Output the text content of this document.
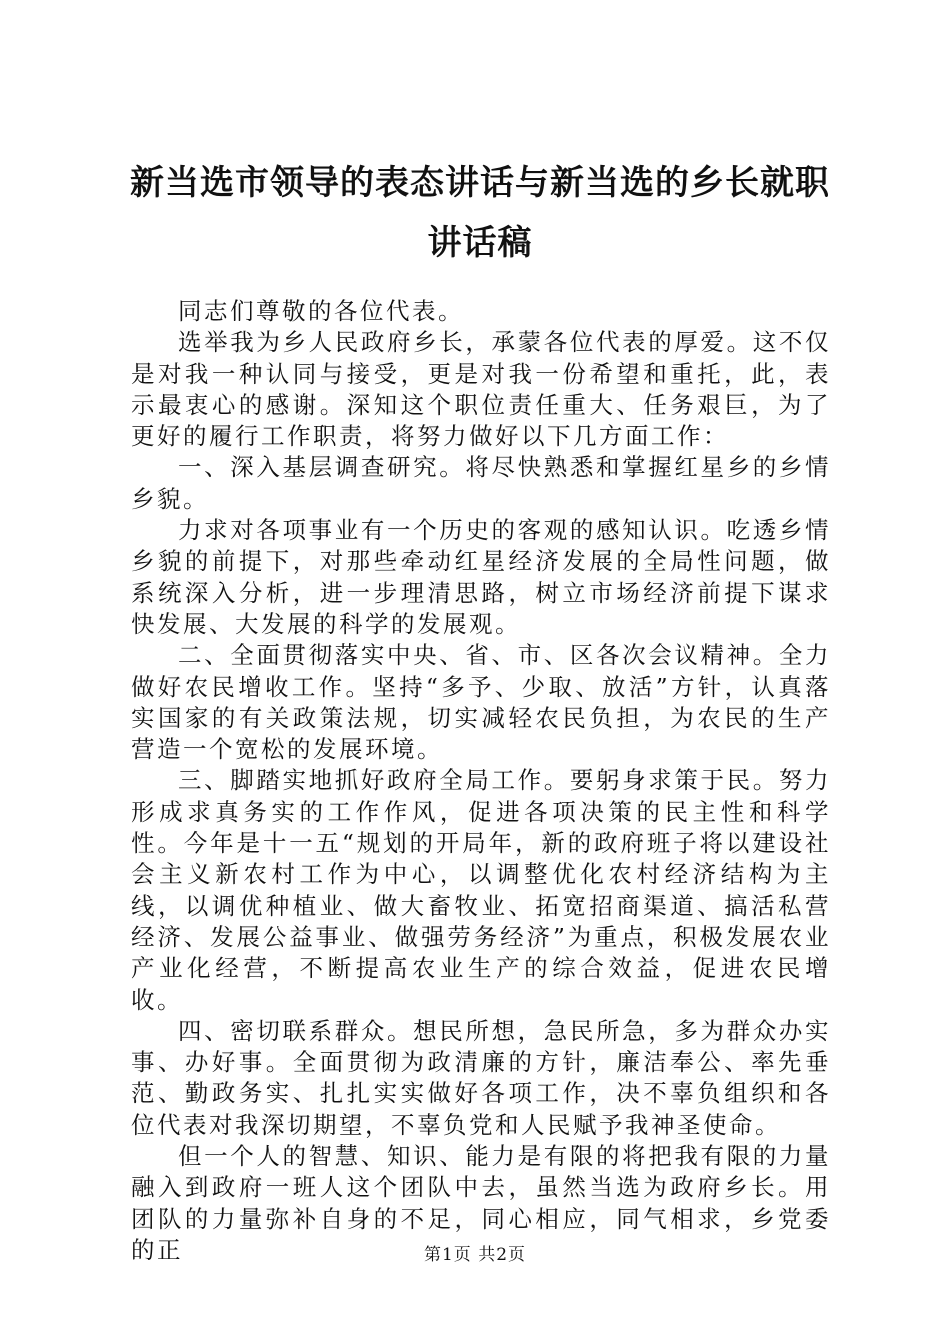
新当选市领导的表态讲话与新当选的乡长就职
讲话稿

同志们尊敬的各位代表。

选举我为乡人民政府乡长，承蒙各位代表的厚爱。这不仅是对我一种认同与接受，更是对我一份希望和重托，此，表示最衷心的感谢。深知这个职位责任重大、任务艰巨，为了更好的履行工作职责，将努力做好以下几方面工作：

一、深入基层调查研究。将尽快熟悉和掌握红星乡的乡情乡貌。

力求对各项事业有一个历史的客观的感知认识。吃透乡情乡貌的前提下，对那些牵动红星经济发展的全局性问题，做系统深入分析，进一步理清思路，树立市场经济前提下谋求快发展、大发展的科学的发展观。

二、全面贯彻落实中央、省、市、区各次会议精神。全力做好农民增收工作。坚持“多予、少取、放活”方针，认真落实国家的有关政策法规，切实减轻农民负担，为农民的生产营造一个宽松的发展环境。

三、脚踏实地抓好政府全局工作。要躬身求策于民。努力形成求真务实的工作作风，促进各项决策的民主性和科学性。今年是十一五“规划的开局年，新的政府班子将以建设社会主义新农村工作为中心，以调整优化农村经济结构为主线，以调优种植业、做大畜牧业、拓宽招商渠道、搞活私营经济、发展公益事业、做强劳务经济”为重点，积极发展农业产业化经营，不断提高农业生产的综合效益，促进农民增收。

四、密切联系群众。想民所想，急民所急，多为群众办实事、办好事。全面贯彻为政清廉的方针，廉洁奉公、率先垂范、勤政务实、扎扎实实做好各项工作，决不辜负组织和各位代表对我深切期望，不辜负党和人民赋予我神圣使命。

但一个人的智慧、知识、能力是有限的将把我有限的力量融入到政府一班人这个团队中去，虽然当选为政府乡长。用团队的力量弥补自身的不足，同心相应，同气相求，乡党委的正	第1页 共2页
